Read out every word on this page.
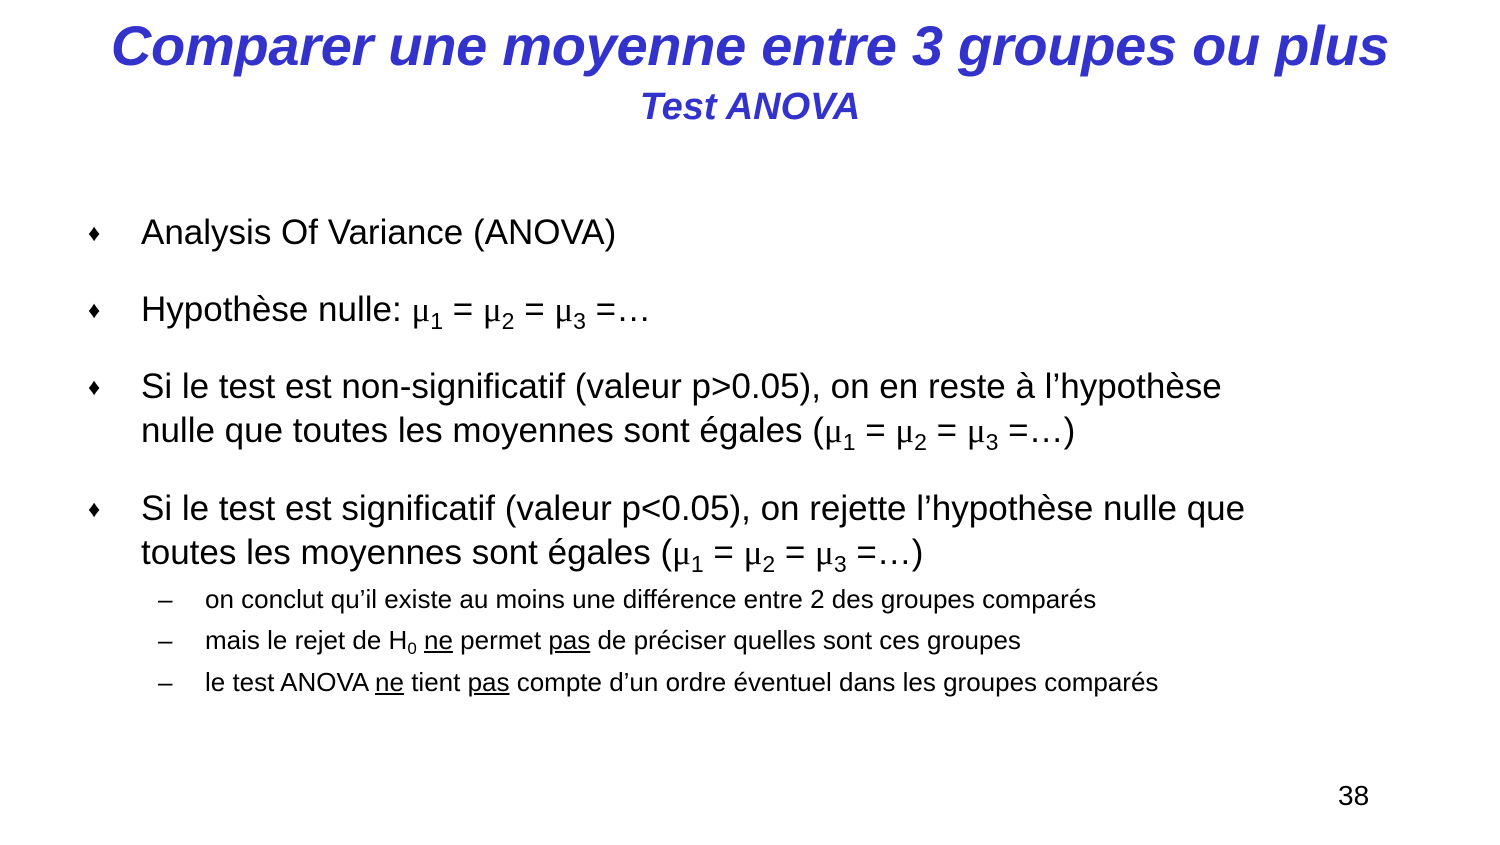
Comparer une moyenne entre 3 groupes ou plus
Test ANOVA
♦ Analysis Of Variance (ANOVA)
♦ Hypothèse nulle: $\mu_1 = \mu_2 = \mu_3$ =…
♦ Si le test est non-significatif (valeur p>0.05), on en reste à l’hypothèse
nulle que toutes les moyennes sont égales ($\mu_1 = \mu_2 = \mu_3$ =…)
♦ Si le test est significatif (valeur p<0.05), on rejette l’hypothèse nulle que
toutes les moyennes sont égales ($\mu_1 = \mu_2 = \mu_3$ =…)
– on conclut qu’il existe au moins une différence entre 2 des groupes comparés
– mais le rejet de $H_0$ ne permet pas de préciser quelles sont ces groupes
– le test ANOVA ne tient pas compte d’un ordre éventuel dans les groupes comparés
38
